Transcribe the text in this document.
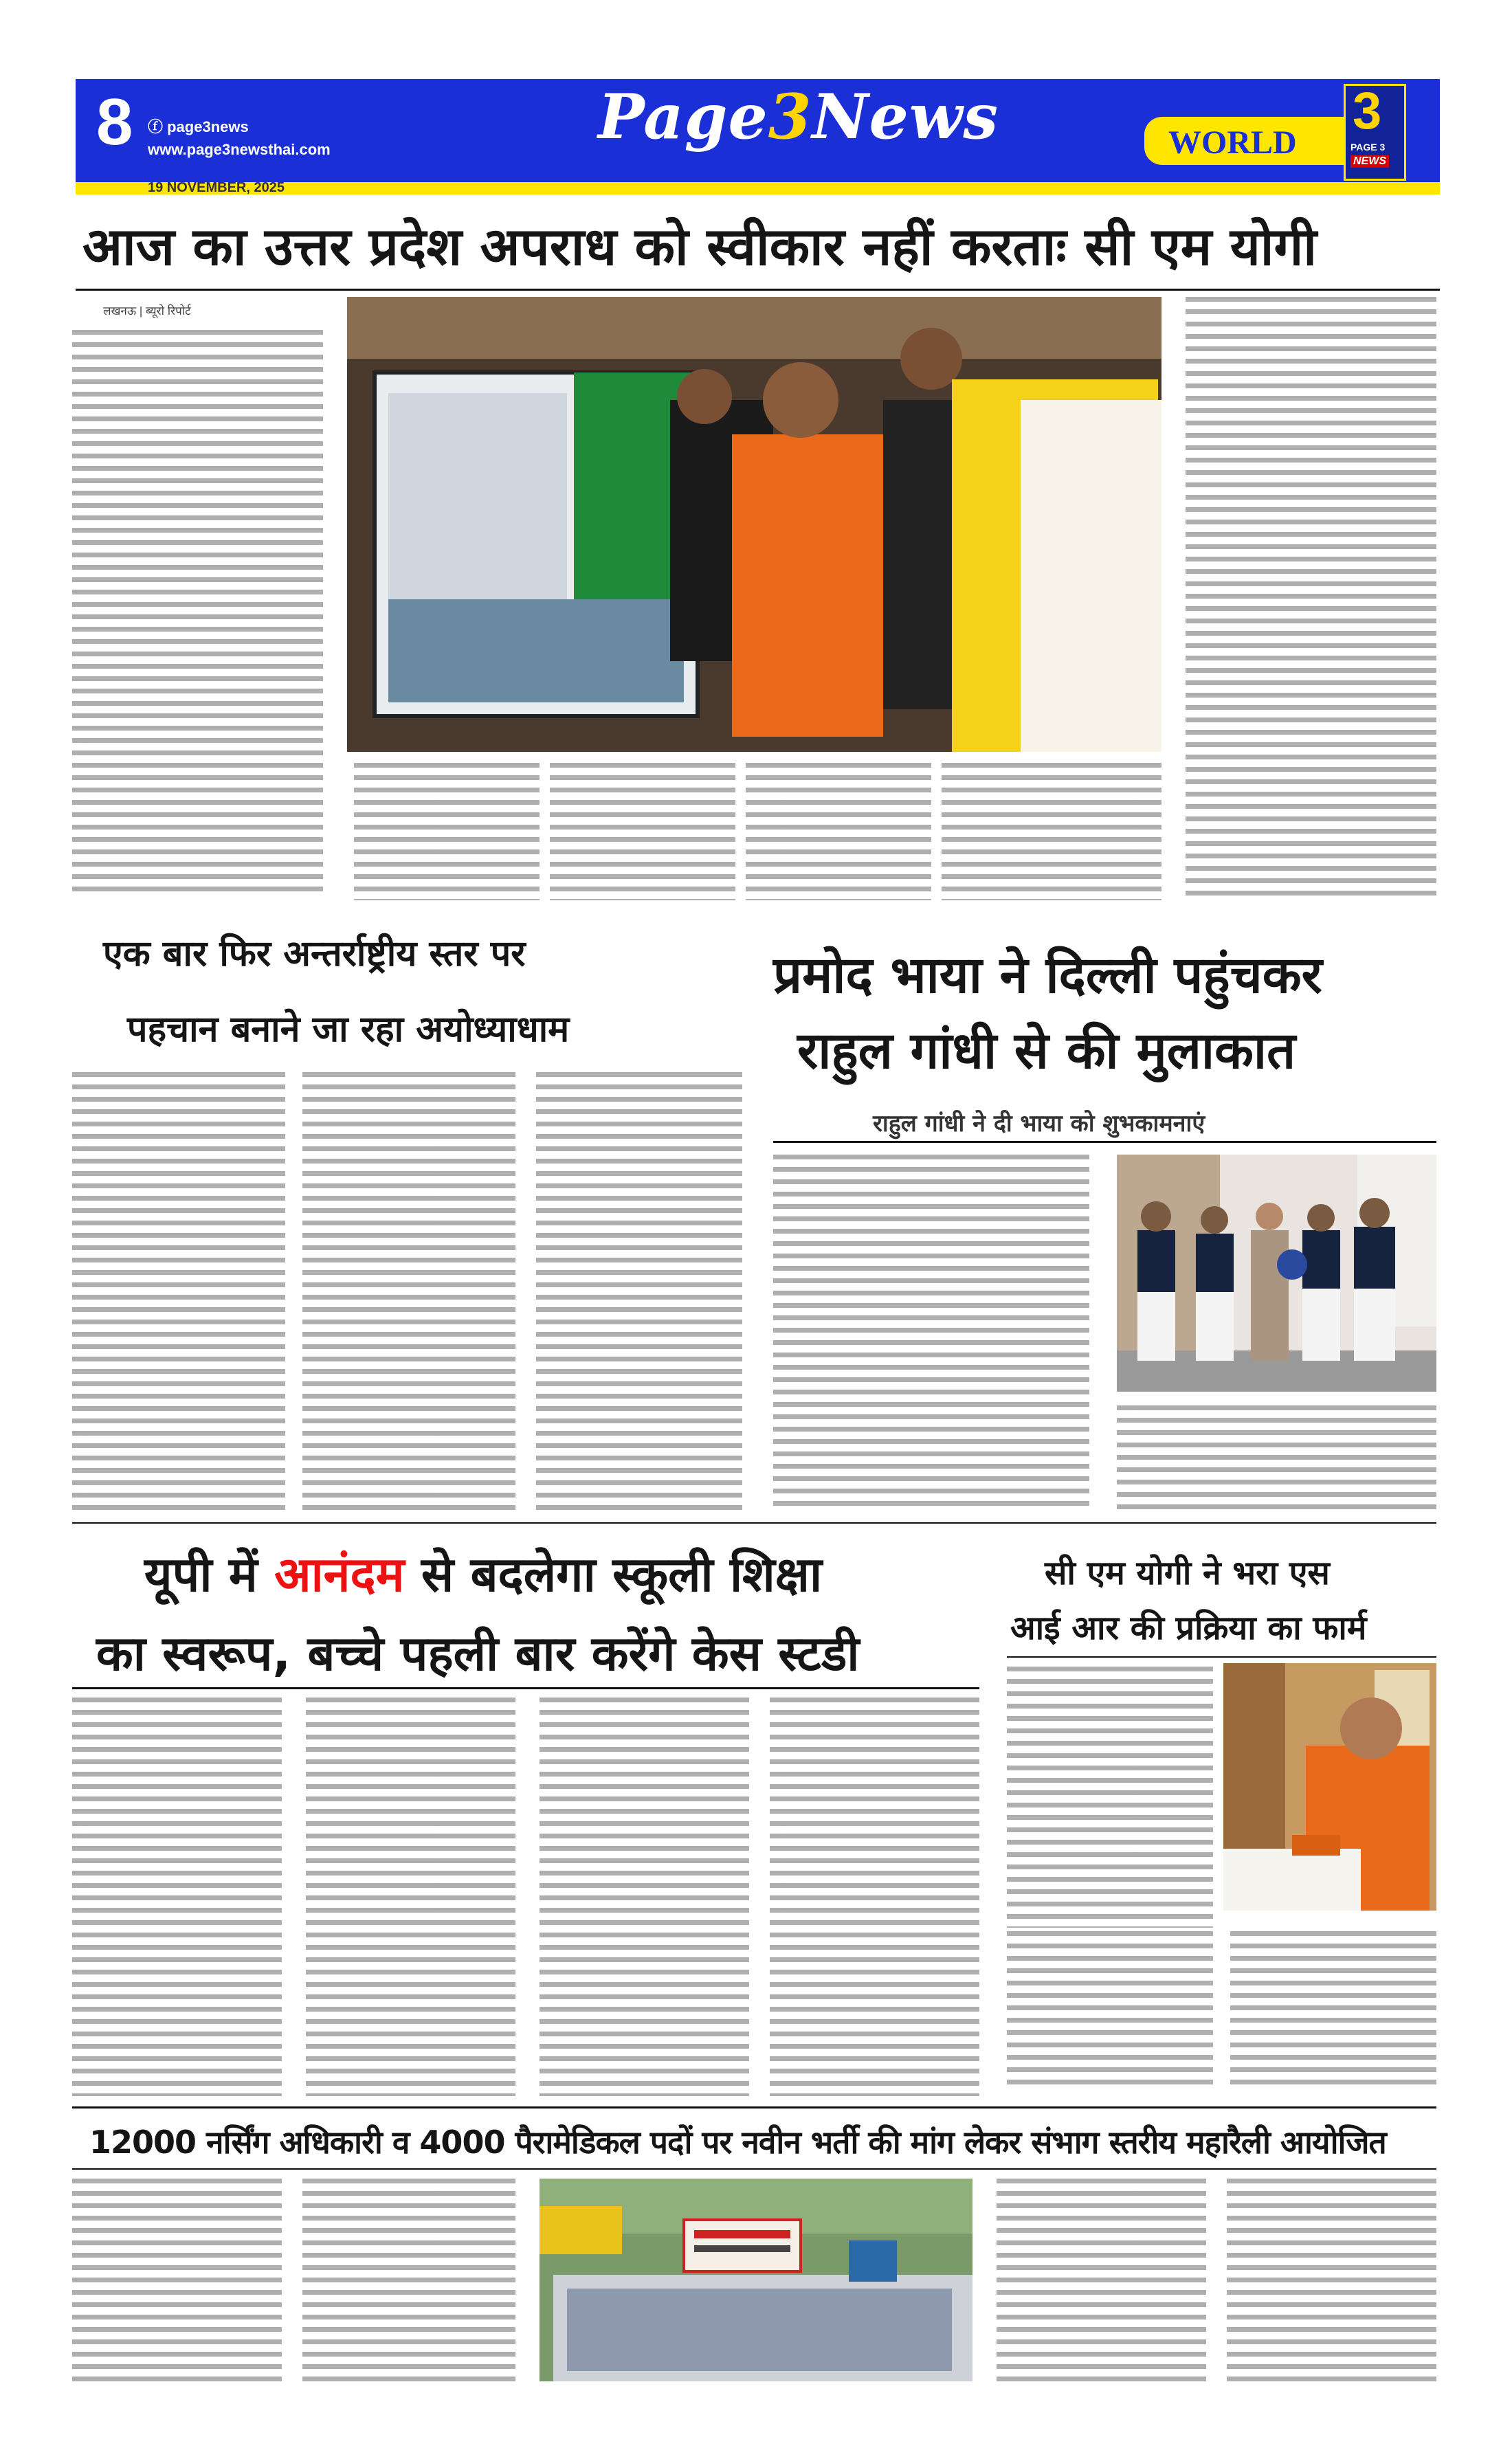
8 ⓕ page3news
www.page3newsthai.com	Page3News	WORLD
3
PAGE 3
NEWS
19 NOVEMBER, 2025
आज का उत्तर प्रदेश अपराध को स्वीकार नहीं करताः सी एम योगी
लखनऊ | ब्यूरो रिपोर्ट
एक बार फिर अन्तर्राष्ट्रीय स्तर पर
पहचान बनाने जा रहा अयोध्याधाम
प्रमोद भाया ने दिल्ली पहुंचकर
राहुल गांधी से की मुलाकात
राहुल गांधी ने दी भाया को शुभकामनाएं
यूपी में आनंदम से बदलेगा स्कूली शिक्षा
का स्वरूप, बच्चे पहली बार करेंगे केस स्टडी
सी एम योगी ने भरा एस
आई आर की प्रक्रिया का फार्म
12000 नर्सिंग अधिकारी व 4000 पैरामेडिकल पदों पर नवीन भर्ती की मांग लेकर संभाग स्तरीय महारैली आयोजित
